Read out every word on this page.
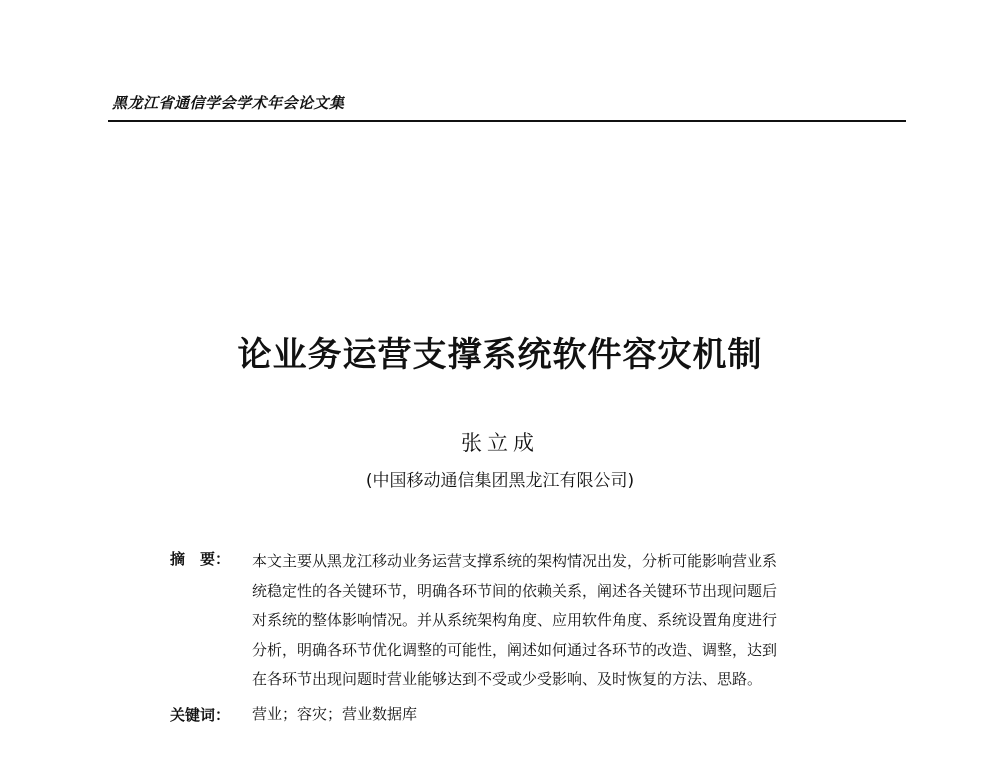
黑龙江省通信学会学术年会论文集
论业务运营支撑系统软件容灾机制
张立成
(中国移动通信集团黑龙江有限公司)
摘　要： 本文主要从黑龙江移动业务运营支撑系统的架构情况出发，分析可能影响营业系
统稳定性的各关键环节，明确各环节间的依赖关系，阐述各关键环节出现问题后
对系统的整体影响情况。并从系统架构角度、应用软件角度、系统设置角度进行
分析，明确各环节优化调整的可能性，阐述如何通过各环节的改造、调整，达到
在各环节出现问题时营业能够达到不受或少受影响、及时恢复的方法、思路。
关键词： 营业；容灾；营业数据库
